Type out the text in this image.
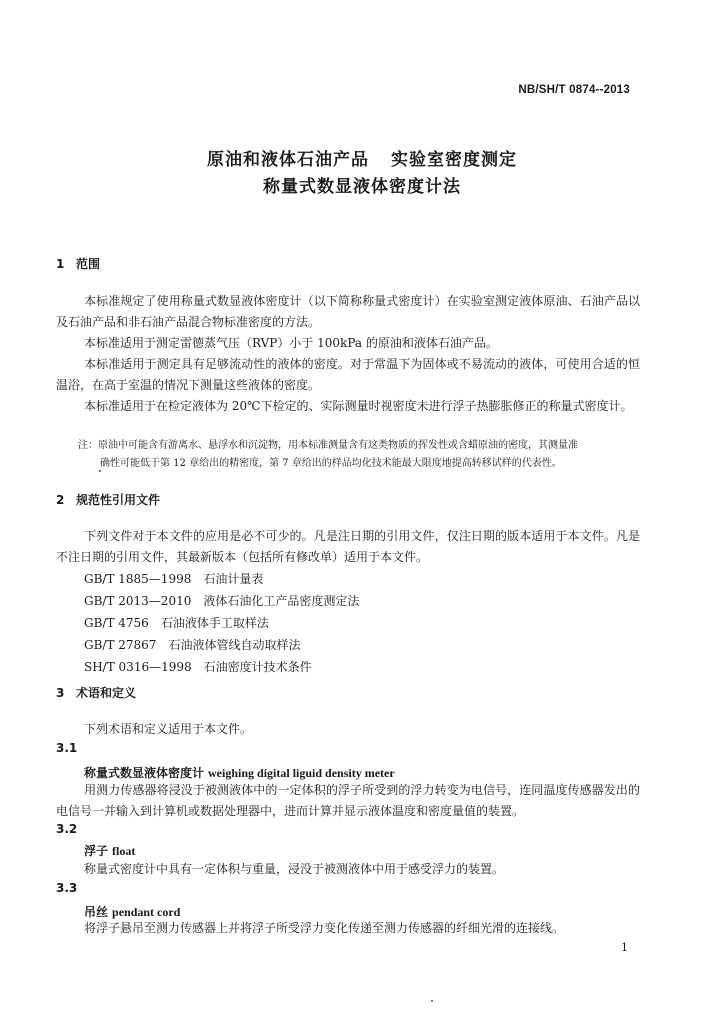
NB/SH/T 0874--2013
原油和液体石油产品 实验室密度测定
称量式数显液体密度计法
1 范围
本标准规定了使用称量式数显液体密度计（以下简称称量式密度计）在实验室测定液体原油、石油产品以及石油产品和非石油产品混合物标准密度的方法。
本标准适用于测定雷德蒸气压（RVP）小于 100kPa 的原油和液体石油产品。
本标准适用于测定具有足够流动性的液体的密度。对于常温下为固体或不易流动的液体，可使用合适的恒温浴，在高于室温的情况下测量这些液体的密度。
本标准适用于在检定液体为 20℃下检定的、实际测量时视密度未进行浮子热膨胀修正的称量式密度计。
注：原油中可能含有游离水、悬浮水和沉淀物，用本标准测量含有这类物质的挥发性或含蜡原油的密度，其测量准
确性可能低于第 12 章给出的精密度，第 7 章给出的样品均化技术能最大限度地提高转移试样的代表性。
2 规范性引用文件
下列文件对于本文件的应用是必不可少的。凡是注日期的引用文件，仅注日期的版本适用于本文件。凡是不注日期的引用文件，其最新版本（包括所有修改单）适用于本文件。
GB/T 1885—1998　 石油计量表
GB/T 2013—2010　 液体石油化工产品密度测定法
GB/T 4756　 石油液体手工取样法
GB/T 27867　 石油液体管线自动取样法
SH/T 0316—1998　 石油密度计技术条件
3 术语和定义
下列术语和定义适用于本文件。
3.1
称量式数显液体密度计 weighing digital liguid density meter
用测力传感器将浸没于被测液体中的一定体积的浮子所受到的浮力转变为电信号，连同温度传感器发出的电信号一并输入到计算机或数据处理器中，进而计算并显示液体温度和密度量值的装置。
3.2
浮子 float
称量式密度计中具有一定体积与重量，浸没于被测液体中用于感受浮力的装置。
3.3
吊丝 pendant cord
将浮子悬吊至测力传感器上并将浮子所受浮力变化传递至测力传感器的纤细光滑的连接线。
1
